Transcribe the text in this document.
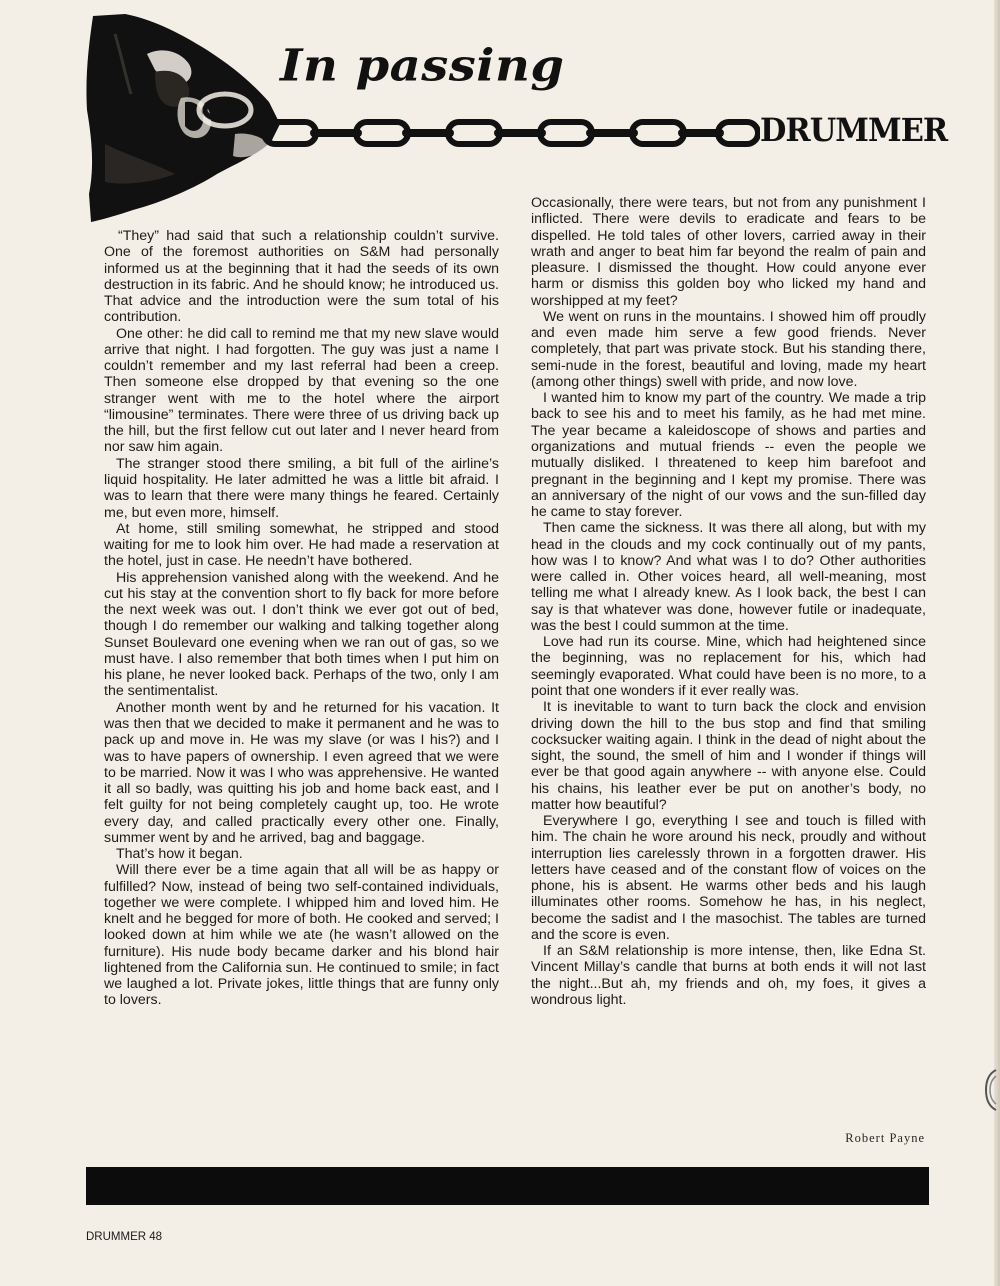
In passing
DRUMMER

“They” had said that such a relationship couldn’t survive. One of the foremost authorities on S&M had personally informed us at the beginning that it had the seeds of its own destruction in its fabric. And he should know; he introduced us. That advice and the introduction were the sum total of his contribution.

One other: he did call to remind me that my new slave would arrive that night. I had forgotten. The guy was just a name I couldn’t remember and my last referral had been a creep. Then someone else dropped by that evening so the one stranger went with me to the hotel where the airport “limousine” terminates. There were three of us driving back up the hill, but the first fellow cut out later and I never heard from nor saw him again.

The stranger stood there smiling, a bit full of the airline’s liquid hospitality. He later admitted he was a little bit afraid. I was to learn that there were many things he feared. Certainly me, but even more, himself.

At home, still smiling somewhat, he stripped and stood waiting for me to look him over. He had made a reservation at the hotel, just in case. He needn’t have bothered.

His apprehension vanished along with the weekend. And he cut his stay at the convention short to fly back for more before the next week was out. I don’t think we ever got out of bed, though I do remember our walking and talking together along Sunset Boulevard one evening when we ran out of gas, so we must have. I also remember that both times when I put him on his plane, he never looked back. Perhaps of the two, only I am the sentimentalist.

Another month went by and he returned for his vacation. It was then that we decided to make it permanent and he was to pack up and move in. He was my slave (or was I his?) and I was to have papers of ownership. I even agreed that we were to be married. Now it was I who was apprehensive. He wanted it all so badly, was quitting his job and home back east, and I felt guilty for not being completely caught up, too. He wrote every day, and called practically every other one. Finally, summer went by and he arrived, bag and baggage.

That’s how it began.

Will there ever be a time again that all will be as happy or fulfilled? Now, instead of being two self-contained individuals, together we were complete. I whipped him and loved him. He knelt and he begged for more of both. He cooked and served; I looked down at him while we ate (he wasn’t allowed on the furniture). His nude body became darker and his blond hair lightened from the California sun. He continued to smile; in fact we laughed a lot. Private jokes, little things that are funny only to lovers.

Occasionally, there were tears, but not from any punishment I inflicted. There were devils to eradicate and fears to be dispelled. He told tales of other lovers, carried away in their wrath and anger to beat him far beyond the realm of pain and pleasure. I dismissed the thought. How could anyone ever harm or dismiss this golden boy who licked my hand and worshipped at my feet?

We went on runs in the mountains. I showed him off proudly and even made him serve a few good friends. Never completely, that part was private stock. But his standing there, semi-nude in the forest, beautiful and loving, made my heart (among other things) swell with pride, and now love.

I wanted him to know my part of the country. We made a trip back to see his and to meet his family, as he had met mine. The year became a kaleidoscope of shows and parties and organizations and mutual friends -- even the people we mutually disliked. I threatened to keep him barefoot and pregnant in the beginning and I kept my promise. There was an anniversary of the night of our vows and the sun-filled day he came to stay forever.

Then came the sickness. It was there all along, but with my head in the clouds and my cock continually out of my pants, how was I to know? And what was I to do? Other authorities were called in. Other voices heard, all well-meaning, most telling me what I already knew. As I look back, the best I can say is that whatever was done, however futile or inadequate, was the best I could summon at the time.

Love had run its course. Mine, which had heightened since the beginning, was no replacement for his, which had seemingly evaporated. What could have been is no more, to a point that one wonders if it ever really was.

It is inevitable to want to turn back the clock and envision driving down the hill to the bus stop and find that smiling cocksucker waiting again. I think in the dead of night about the sight, the sound, the smell of him and I wonder if things will ever be that good again anywhere -- with anyone else. Could his chains, his leather ever be put on another’s body, no matter how beautiful?

Everywhere I go, everything I see and touch is filled with him. The chain he wore around his neck, proudly and without interruption lies carelessly thrown in a forgotten drawer. His letters have ceased and of the constant flow of voices on the phone, his is absent. He warms other beds and his laugh illuminates other rooms. Somehow he has, in his neglect, become the sadist and I the masochist. The tables are turned and the score is even.

If an S&M relationship is more intense, then, like Edna St. Vincent Millay’s candle that burns at both ends it will not last the night...But ah, my friends and oh, my foes, it gives a wondrous light.

Robert Payne
DRUMMER 48
